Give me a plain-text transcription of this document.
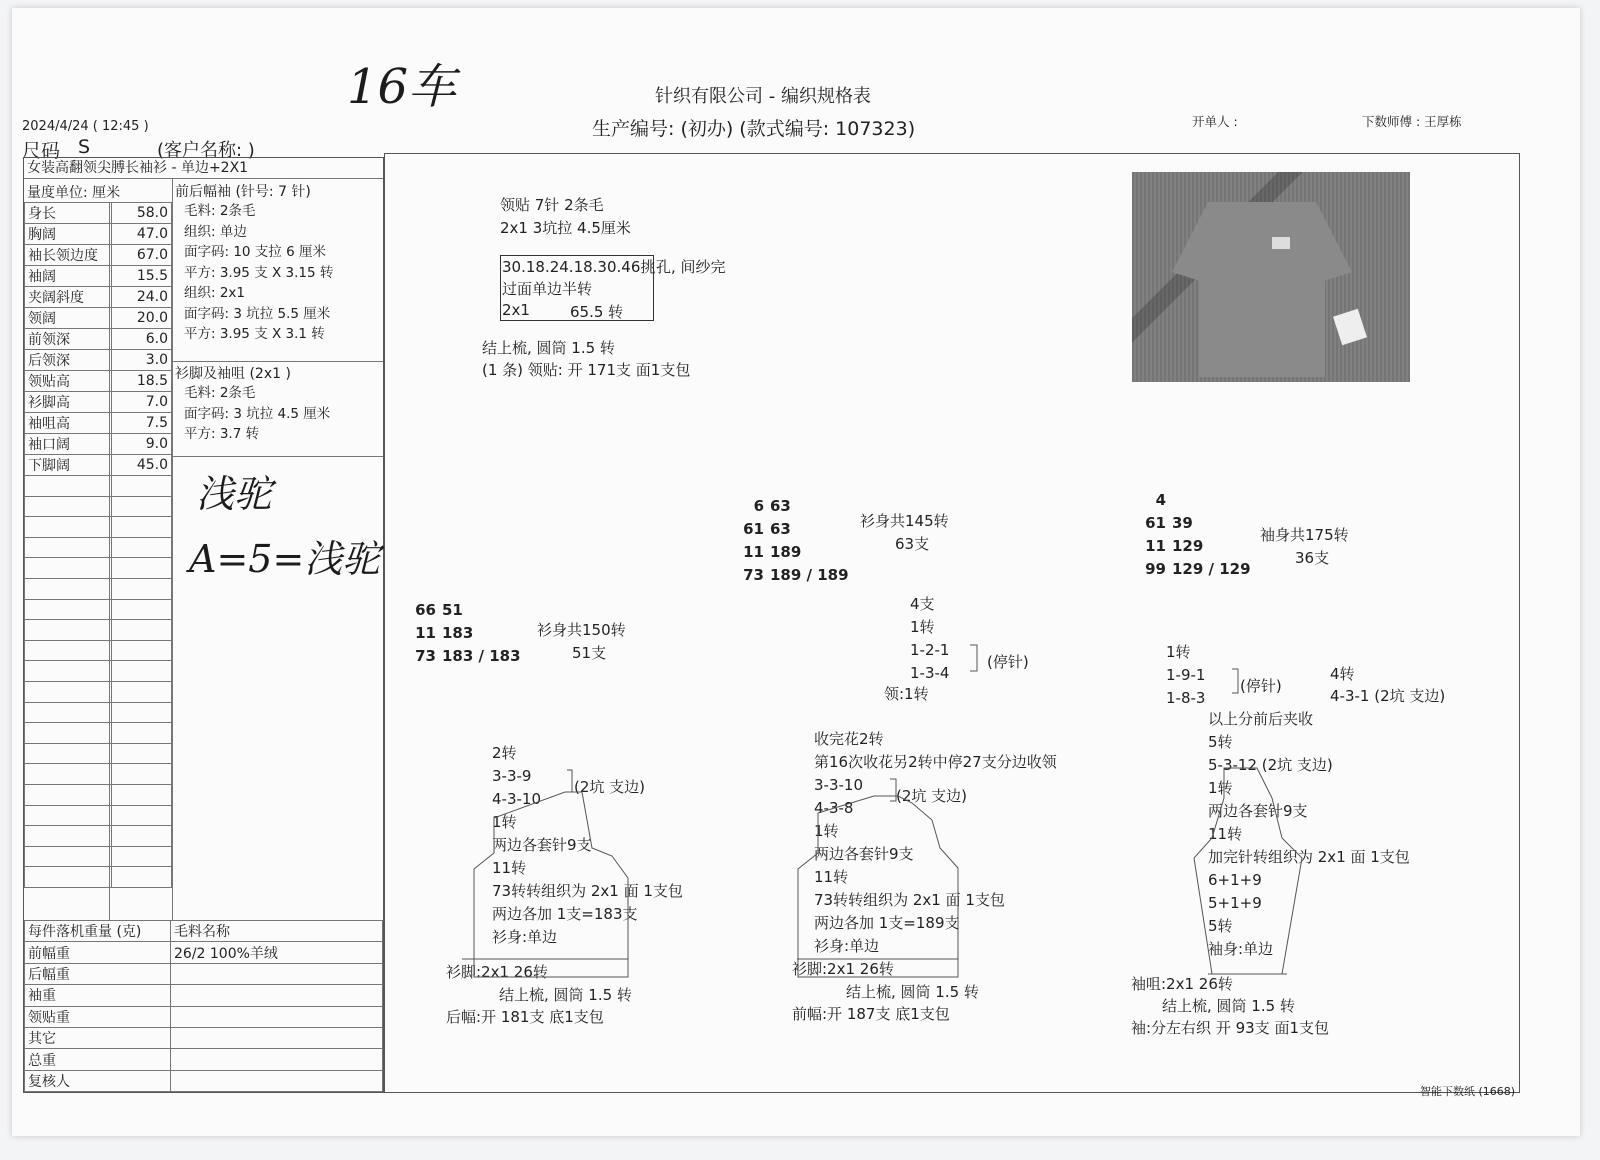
16车	针织有限公司 - 编织规格表
生产编号: (初办) (款式编号: 107323)
2024/4/24 ( 12:45 )
尺码 S	(客户名称: )
开单人 :	下数师傅 : 王厚栋
女装高翻领尖膊长袖衫 - 单边+2X1
量度单位: 厘米
身长	58.0
胸阔	47.0
袖长领边度	67.0
袖阔	15.5
夹阔斜度	24.0
领阔	20.0
前领深	6.0
后领深	3.0
领贴高	18.5
衫脚高	7.0
袖咀高	7.5
袖口阔	9.0
下脚阔	45.0

前后幅袖 (针号: 7 针)
毛料: 2条毛
组织: 单边
面字码: 10 支拉 6 厘米
平方: 3.95 支 X 3.15 转
组织: 2x1
面字码: 3 坑拉 5.5 厘米
平方: 3.95 支 X 3.1 转
衫脚及袖咀 (2x1 )
毛料: 2条毛
面字码: 3 坑拉 4.5 厘米
平方: 3.7 转
浅驼
A=5=浅驼
每件落机重量 (克)	毛料名称
前幅重	26/2 100%羊绒
后幅重	
袖重	
领贴重	
其它	
总重	
复核人	
领贴 7针 2条毛
2x1 3坑拉 4.5厘米
30.18.24.18.30.46挑 孔, 间纱完
过面单边半转
2x1	65.5 转
结上梳, 圆筒 1.5 转
(1 条) 领贴: 开 171支 面1支包
6 63
61 63
11 189
73 189 / 189
衫身共145转
63支
4
61 39
11 129
99 129 / 129
袖身共175转
36支
66 51
11 183
73 183 / 183
衫身共150转
51支
4支
1转
1-2-1
1-3-4
(停针)
领:1转
1转
1-9-1
1-8-3
(停针)
4转
4-3-1 (2坑 支边)
2转
3-3-9
4-3-10
1转
两边各套针9支
11转
73转转组织为 2x1 面 1支包
两边各加 1支=183支
衫身:单边
(2坑 支边)
衫脚:2x1 26转
结上梳, 圆筒 1.5 转
后幅:开 181支 底1支包
收完花2转
第16次收花另2转中停27支分边收领
3-3-10
4-3-8
1转
两边各套针9支
11转
73转转组织为 2x1 面 1支包
两边各加 1支=189支
衫身:单边
(2坑 支边)
衫脚:2x1 26转
结上梳, 圆筒 1.5 转
前幅:开 187支 底1支包
以上分前后夹收
5转
5-3-12 (2坑 支边)
1转
两边各套针9支
11转
加完针转组织为 2x1 面 1支包
6+1+9
5+1+9
5转
袖身:单边
袖咀:2x1 26转
结上梳, 圆筒 1.5 转
袖:分左右织 开 93支 面1支包
智能下数纸 (1668)
